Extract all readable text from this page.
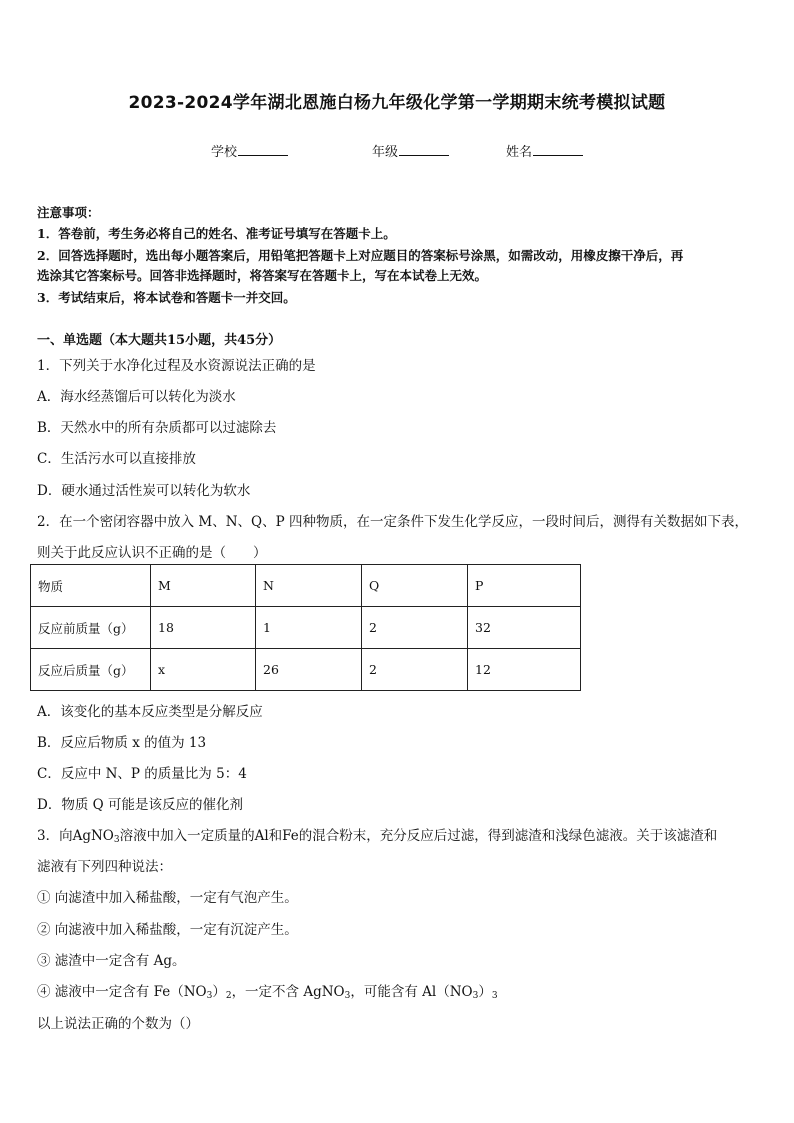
2023-2024学年湖北恩施白杨九年级化学第一学期期末统考模拟试题
学校	年级	姓名
注意事项：
1．答卷前，考生务必将自己的姓名、准考证号填写在答题卡上。
2．回答选择题时，选出每小题答案后，用铅笔把答题卡上对应题目的答案标号涂黑，如需改动，用橡皮擦干净后，再
选涂其它答案标号。回答非选择题时，将答案写在答题卡上，写在本试卷上无效。
3．考试结束后，将本试卷和答题卡一并交回。
一、单选题（本大题共15小题，共45分）
1．下列关于水净化过程及水资源说法正确的是
A．海水经蒸馏后可以转化为淡水
B．天然水中的所有杂质都可以过滤除去
C．生活污水可以直接排放
D．硬水通过活性炭可以转化为软水
2．在一个密闭容器中放入 M、N、Q、P 四种物质，在一定条件下发生化学反应，一段时间后，测得有关数据如下表，
则关于此反应认识不正确的是（　　）
物质	M	N	Q	P
反应前质量（g）	18	1	2	32
反应后质量（g）	x	26	2	12
A．该变化的基本反应类型是分解反应
B．反应后物质 x 的值为 13
C．反应中 N、P 的质量比为 5：4
D．物质 Q 可能是该反应的催化剂
3．向AgNO$_3$溶液中加入一定质量的Al和Fe的混合粉末，充分反应后过滤，得到滤渣和浅绿色滤液。关于该滤渣和
滤液有下列四种说法：
① 向滤渣中加入稀盐酸，一定有气泡产生。
② 向滤液中加入稀盐酸，一定有沉淀产生。
③ 滤渣中一定含有 Ag。
④ 滤液中一定含有 $Fe(NO_3)_2$，一定不含 AgNO$_3$，可能含有 $Al(NO_3)_3$
以上说法正确的个数为（）
